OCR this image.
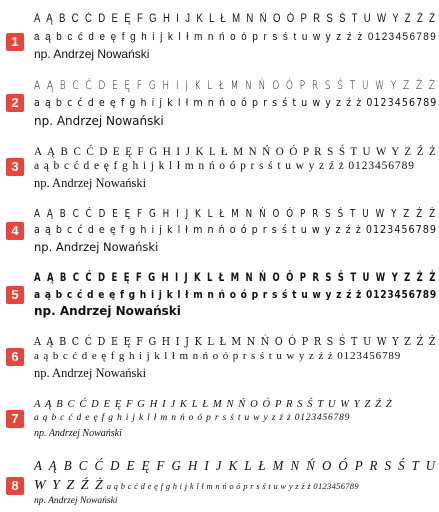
1
A Ą B C Ć D E Ę F G H I J K L Ł M N Ń O Ó P R S Ś T U W Y Z Ź Ż
a ą b c ć d e ę f g h i j k l ł m n ń o ó p r s ś t u w y z ź ż 0123456789
np. Andrzej Nowański
2
A Ą B C Ć D E Ę F G H I J K L Ł M N Ń O Ó P R S Ś T U W Y Z Ź Ż
a ą b c ć d e ę f g h i j k l ł m n ń o ó p r s ś t u w y z ź ż 0123456789
np. Andrzej Nowański
3
A Ą B C Ć D E Ę F G H I J K L Ł M N Ń O Ó P R S Ś T U W Y Z Ź Ż
a ą b c ć d e ę f g h i j k l ł m n ń o ó p r s ś t u w y z ź ż 0123456789
np. Andrzej Nowański
4
A Ą B C Ć D E Ę F G H I J K L Ł M N Ń O Ó P R S Ś T U W Y Z Ź Ż
a ą b c ć d e ę f g h i j k l ł m n ń o ó p r s ś t u w y z ź ż 0123456789
np. Andrzej Nowański
5
A Ą B C Ć D E Ę F G H I J K L Ł M N Ń O Ó P R S Ś T U W Y Z Ź Ż
a ą b c ć d e ę f g h i j k l ł m n ń o ó p r s ś t u w y z ź ż 0123456789
np. Andrzej Nowański
6
A Ą B C Ć D E Ę F G H I J K L Ł M N Ń O Ó P R S Ś T U W Y Z Ź Ż
a ą b c ć d e ę f g h i j k l ł m n ń o ó p r s ś t u w y z ź ż 0123456789
np. Andrzej Nowański
7
A Ą B C Ć D E Ę F G H I J K L Ł M N Ń O Ó P R S Ś T U W Y Z Ź Ż
a ą b c ć d e ę f g h i j k l ł m n ń o ó p r s ś t u w y z ź ż 0123456789
np. Andrzej Nowański
8
A Ą B C Ć D E Ę F G H I J K L Ł M N Ń O Ó P R S Ś T U
W Y Z Ź Ż a ą b c ć d e ę f g h i j k l ł m n ń o ó p r s ś t u w y z ź ż 0123456789
np. Andrzej Nowański
